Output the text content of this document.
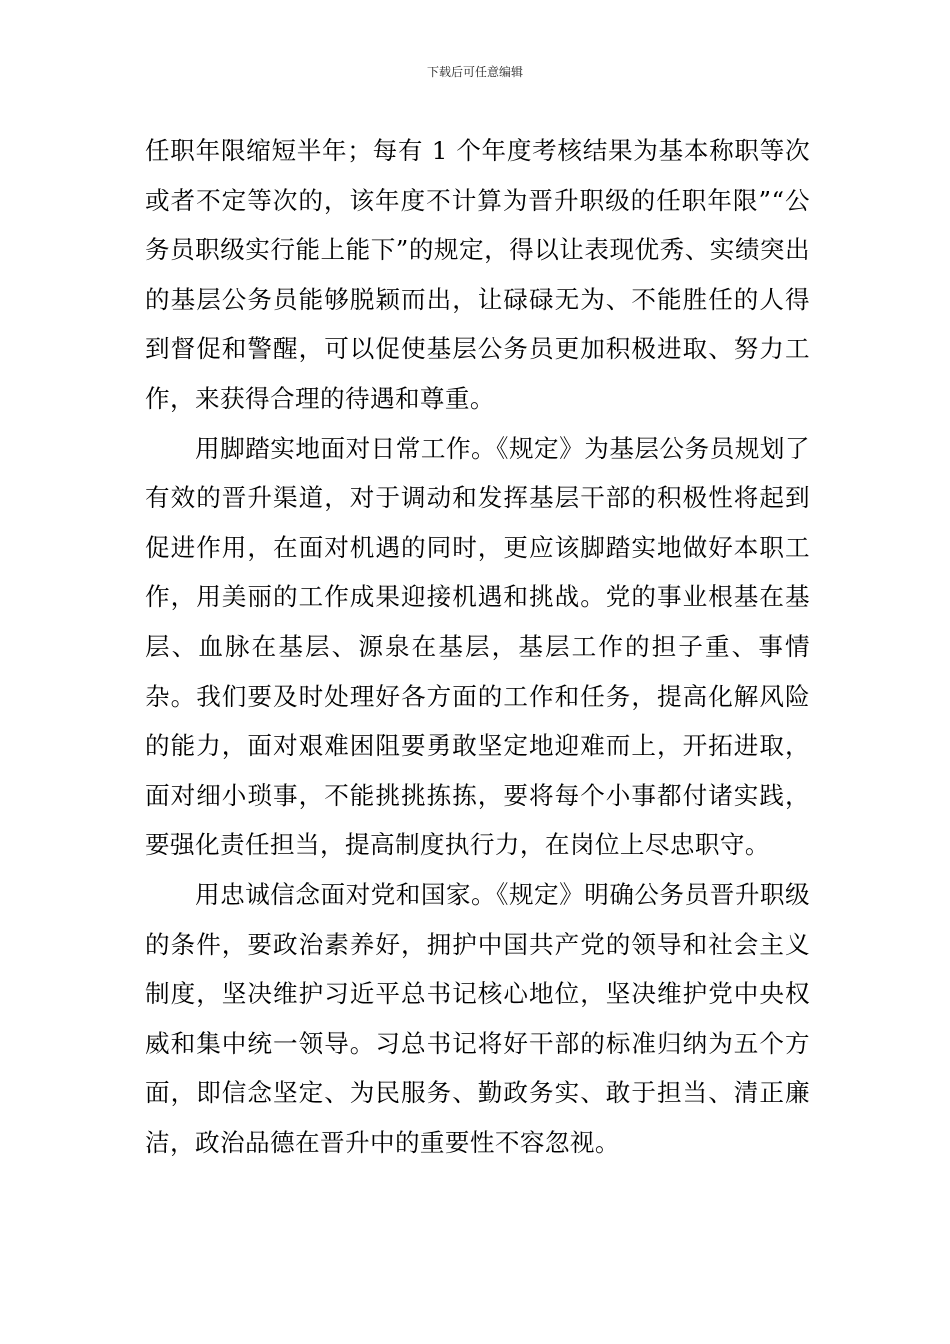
下载后可任意编辑

任职年限缩短半年；每有 1 个年度考核结果为基本称职等次或者不定等次的，该年度不计算为晋升职级的任职年限”“公务员职级实行能上能下”的规定，得以让表现优秀、实绩突出的基层公务员能够脱颖而出，让碌碌无为、不能胜任的人得到督促和警醒，可以促使基层公务员更加积极进取、努力工作，来获得合理的待遇和尊重。

用脚踏实地面对日常工作。《规定》为基层公务员规划了有效的晋升渠道，对于调动和发挥基层干部的积极性将起到促进作用，在面对机遇的同时，更应该脚踏实地做好本职工作，用美丽的工作成果迎接机遇和挑战。党的事业根基在基层、血脉在基层、源泉在基层，基层工作的担子重、事情杂。我们要及时处理好各方面的工作和任务，提高化解风险的能力，面对艰难困阻要勇敢坚定地迎难而上，开拓进取，面对细小琐事，不能挑挑拣拣，要将每个小事都付诸实践，要强化责任担当，提高制度执行力，在岗位上尽忠职守。

用忠诚信念面对党和国家。《规定》明确公务员晋升职级的条件，要政治素养好，拥护中国共产党的领导和社会主义制度，坚决维护习近平总书记核心地位，坚决维护党中央权威和集中统一领导。习总书记将好干部的标准归纳为五个方面，即信念坚定、为民服务、勤政务实、敢于担当、清正廉洁，政治品德在晋升中的重要性不容忽视。
